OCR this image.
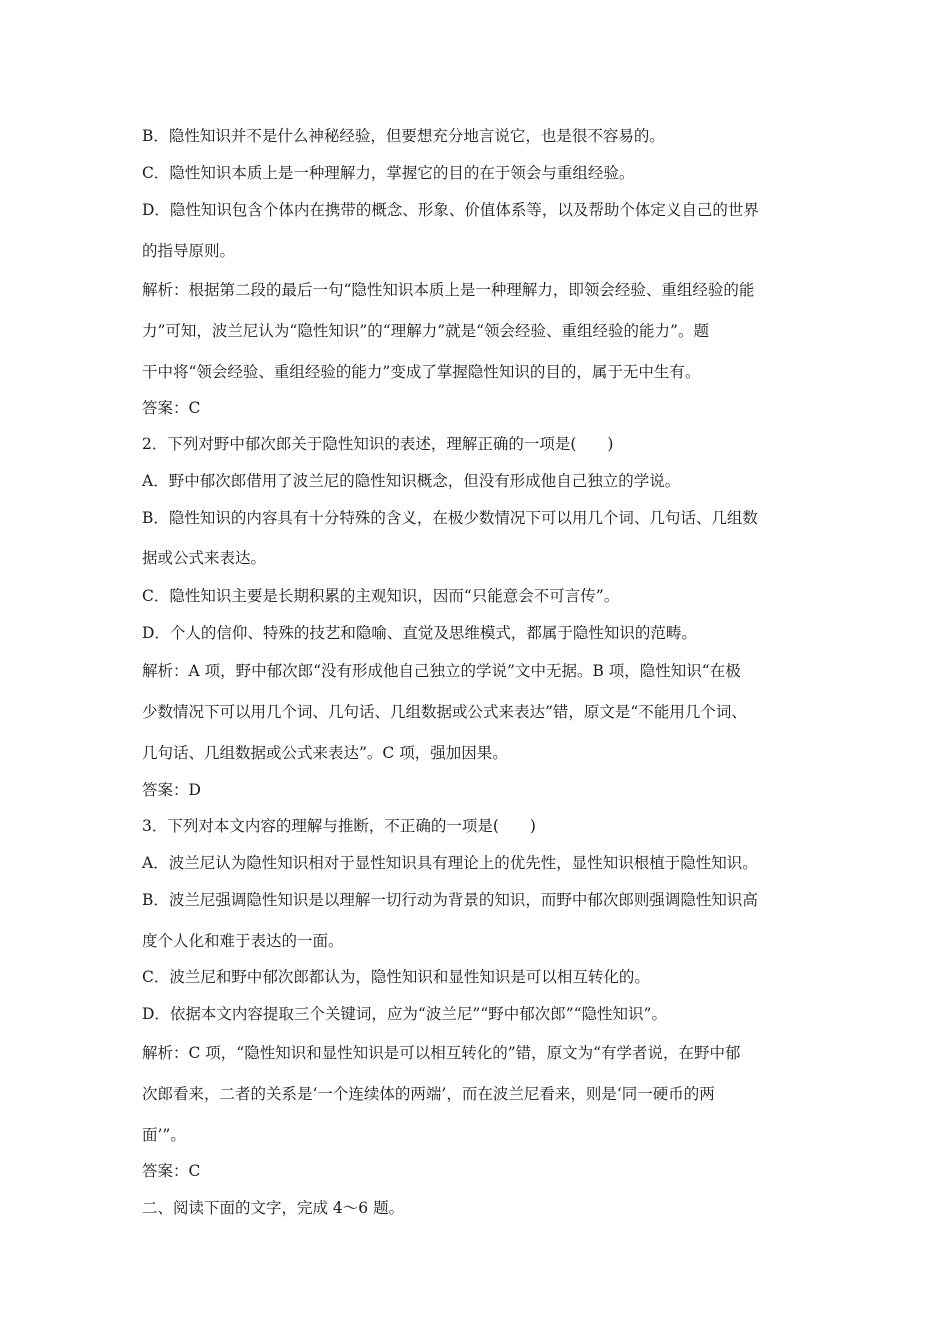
B．隐性知识并不是什么神秘经验，但要想充分地言说它，也是很不容易的。
C．隐性知识本质上是一种理解力，掌握它的目的在于领会与重组经验。
D．隐性知识包含个体内在携带的概念、形象、价值体系等，以及帮助个体定义自己的世界
的指导原则。
解析：根据第二段的最后一句“隐性知识本质上是一种理解力，即领会经验、重组经验的能
力”可知，波兰尼认为“隐性知识”的“理解力”就是“领会经验、重组经验的能力”。题
干中将“领会经验、重组经验的能力”变成了掌握隐性知识的目的，属于无中生有。
答案：C
2．下列对野中郁次郎关于隐性知识的表述，理解正确的一项是(　　)
A．野中郁次郎借用了波兰尼的隐性知识概念，但没有形成他自己独立的学说。
B．隐性知识的内容具有十分特殊的含义，在极少数情况下可以用几个词、几句话、几组数
据或公式来表达。
C．隐性知识主要是长期积累的主观知识，因而“只能意会不可言传”。
D．个人的信仰、特殊的技艺和隐喻、直觉及思维模式，都属于隐性知识的范畴。
解析：A 项，野中郁次郎“没有形成他自己独立的学说”文中无据。B 项，隐性知识“在极
少数情况下可以用几个词、几句话、几组数据或公式来表达”错，原文是“不能用几个词、
几句话、几组数据或公式来表达”。C 项，强加因果。
答案：D
3．下列对本文内容的理解与推断，不正确的一项是(　　)
A．波兰尼认为隐性知识相对于显性知识具有理论上的优先性，显性知识根植于隐性知识。
B．波兰尼强调隐性知识是以理解一切行动为背景的知识，而野中郁次郎则强调隐性知识高
度个人化和难于表达的一面。
C．波兰尼和野中郁次郎都认为，隐性知识和显性知识是可以相互转化的。
D．依据本文内容提取三个关键词，应为“波兰尼”“野中郁次郎”“隐性知识”。
解析：C 项，“隐性知识和显性知识是可以相互转化的”错，原文为“有学者说，在野中郁
次郎看来，二者的关系是‘一个连续体的两端’，而在波兰尼看来，则是‘同一硬币的两
面’”。
答案：C
二、阅读下面的文字，完成 4～6 题。
